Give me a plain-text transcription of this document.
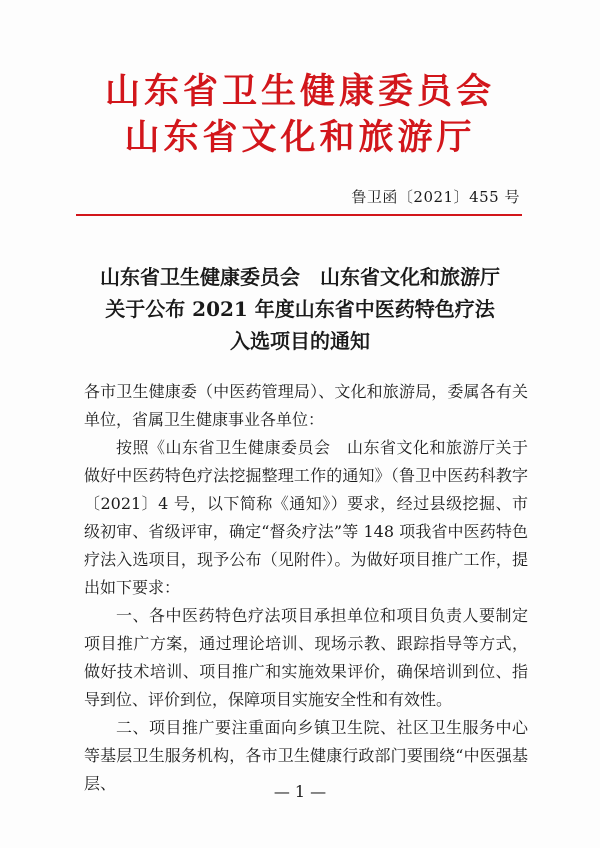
山东省卫生健康委员会
山东省文化和旅游厅
鲁卫函〔2021〕455 号
山东省卫生健康委员会　山东省文化和旅游厅
关于公布 2021 年度山东省中医药特色疗法
入选项目的通知

各市卫生健康委（中医药管理局）、文化和旅游局，委属各有关单位，省属卫生健康事业各单位：

按照《山东省卫生健康委员会　山东省文化和旅游厅关于做好中医药特色疗法挖掘整理工作的通知》（鲁卫中医药科教字〔2021〕4 号，以下简称《通知》）要求，经过县级挖掘、市级初审、省级评审，确定“督灸疗法”等 148 项我省中医药特色疗法入选项目，现予公布（见附件）。为做好项目推广工作，提出如下要求：

一、各中医药特色疗法项目承担单位和项目负责人要制定项目推广方案，通过理论培训、现场示教、跟踪指导等方式，做好技术培训、项目推广和实施效果评价，确保培训到位、指导到位、评价到位，保障项目实施安全性和有效性。

二、项目推广要注重面向乡镇卫生院、社区卫生服务中心等基层卫生服务机构，各市卫生健康行政部门要围绕“中医强基层、	— 1 —
